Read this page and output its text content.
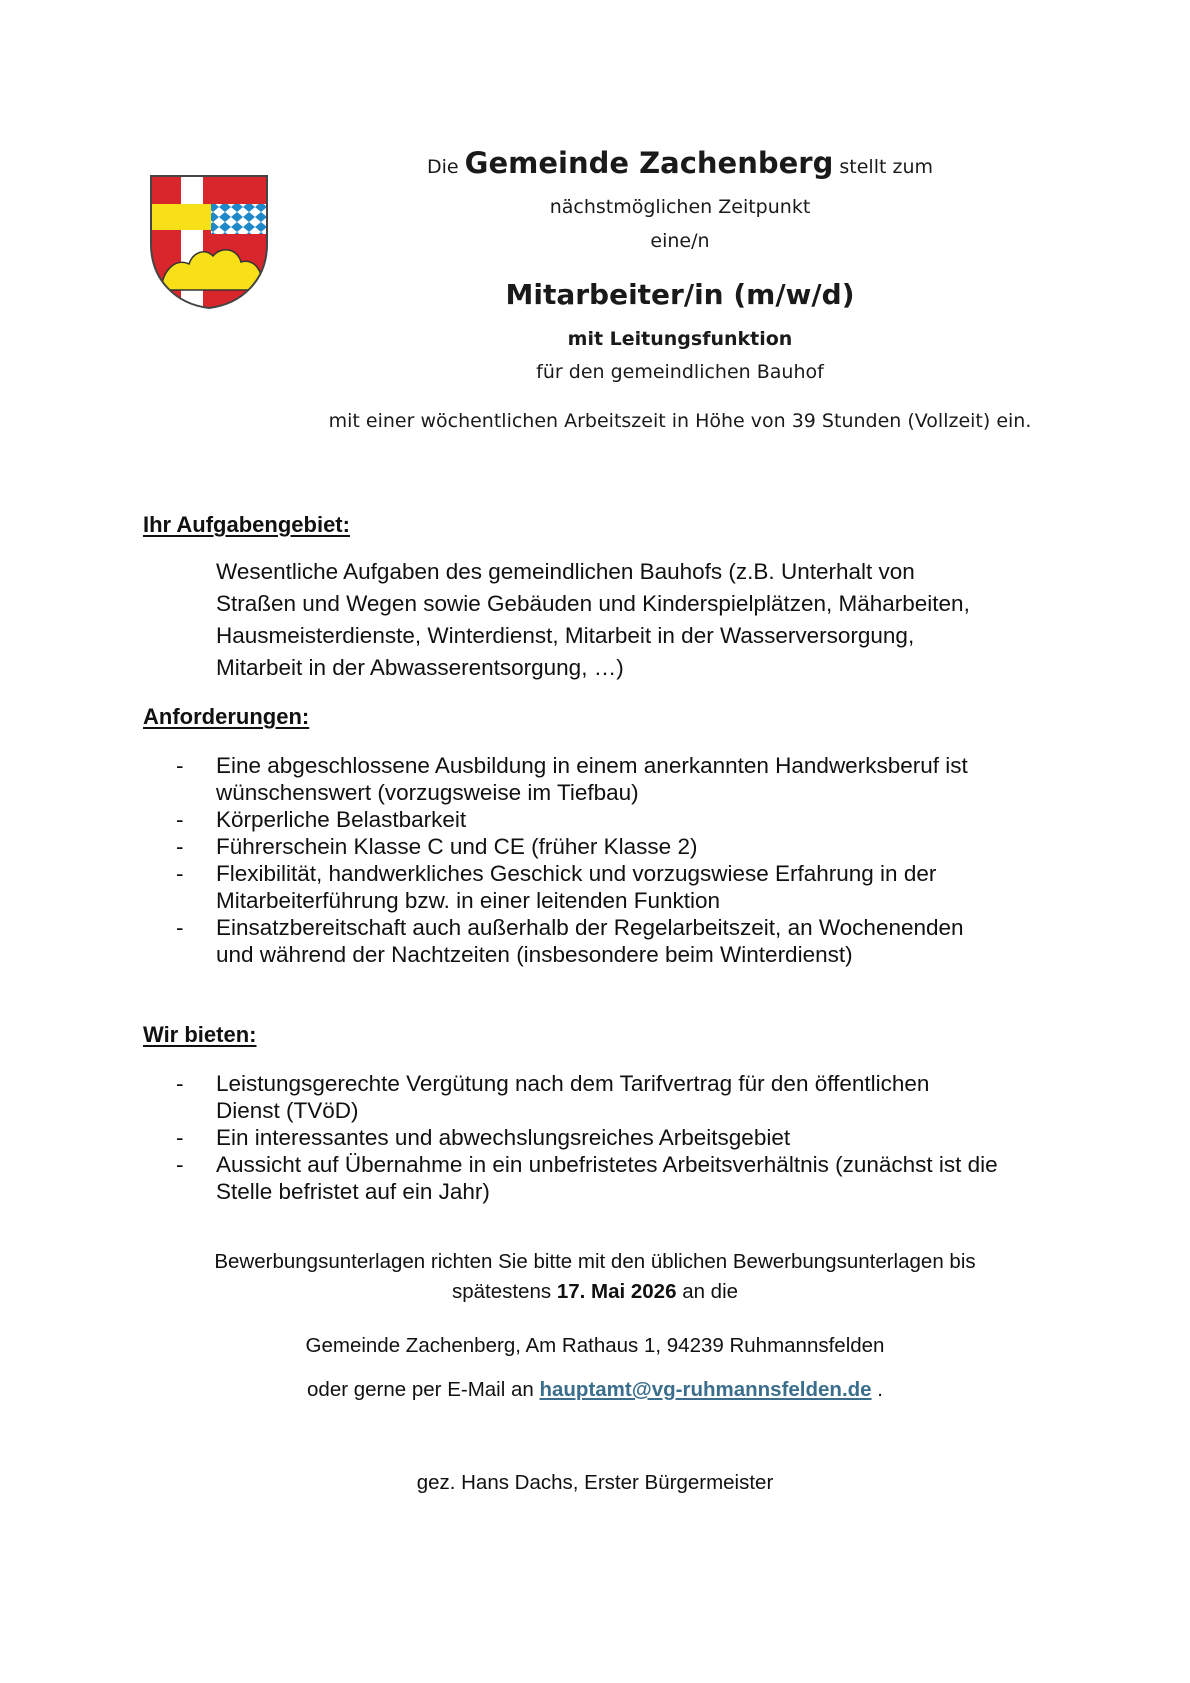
Die Gemeinde Zachenberg stellt zum
nächstmöglichen Zeitpunkt
eine/n
Mitarbeiter/in (m/w/d)
mit Leitungsfunktion
für den gemeindlichen Bauhof
mit einer wöchentlichen Arbeitszeit in Höhe von 39 Stunden (Vollzeit) ein.
Ihr Aufgabengebiet:
Wesentliche Aufgaben des gemeindlichen Bauhofs (z.B. Unterhalt von
Straßen und Wegen sowie Gebäuden und Kinderspielplätzen, Mäharbeiten,
Hausmeisterdienste, Winterdienst, Mitarbeit in der Wasserversorgung,
Mitarbeit in der Abwasserentsorgung, …)
Anforderungen:
- Eine abgeschlossene Ausbildung in einem anerkannten Handwerksberuf ist
wünschenswert (vorzugsweise im Tiefbau)
- Körperliche Belastbarkeit
- Führerschein Klasse C und CE (früher Klasse 2)
- Flexibilität, handwerkliches Geschick und vorzugswiese Erfahrung in der
Mitarbeiterführung bzw. in einer leitenden Funktion
- Einsatzbereitschaft auch außerhalb der Regelarbeitszeit, an Wochenenden
und während der Nachtzeiten (insbesondere beim Winterdienst)
Wir bieten:
- Leistungsgerechte Vergütung nach dem Tarifvertrag für den öffentlichen
Dienst (TVöD)
- Ein interessantes und abwechslungsreiches Arbeitsgebiet
- Aussicht auf Übernahme in ein unbefristetes Arbeitsverhältnis (zunächst ist die
Stelle befristet auf ein Jahr)
Bewerbungsunterlagen richten Sie bitte mit den üblichen Bewerbungsunterlagen bis
spätestens 17. Mai 2026 an die
Gemeinde Zachenberg, Am Rathaus 1, 94239 Ruhmannsfelden
oder gerne per E-Mail an hauptamt@vg-ruhmannsfelden.de .
gez. Hans Dachs, Erster Bürgermeister
